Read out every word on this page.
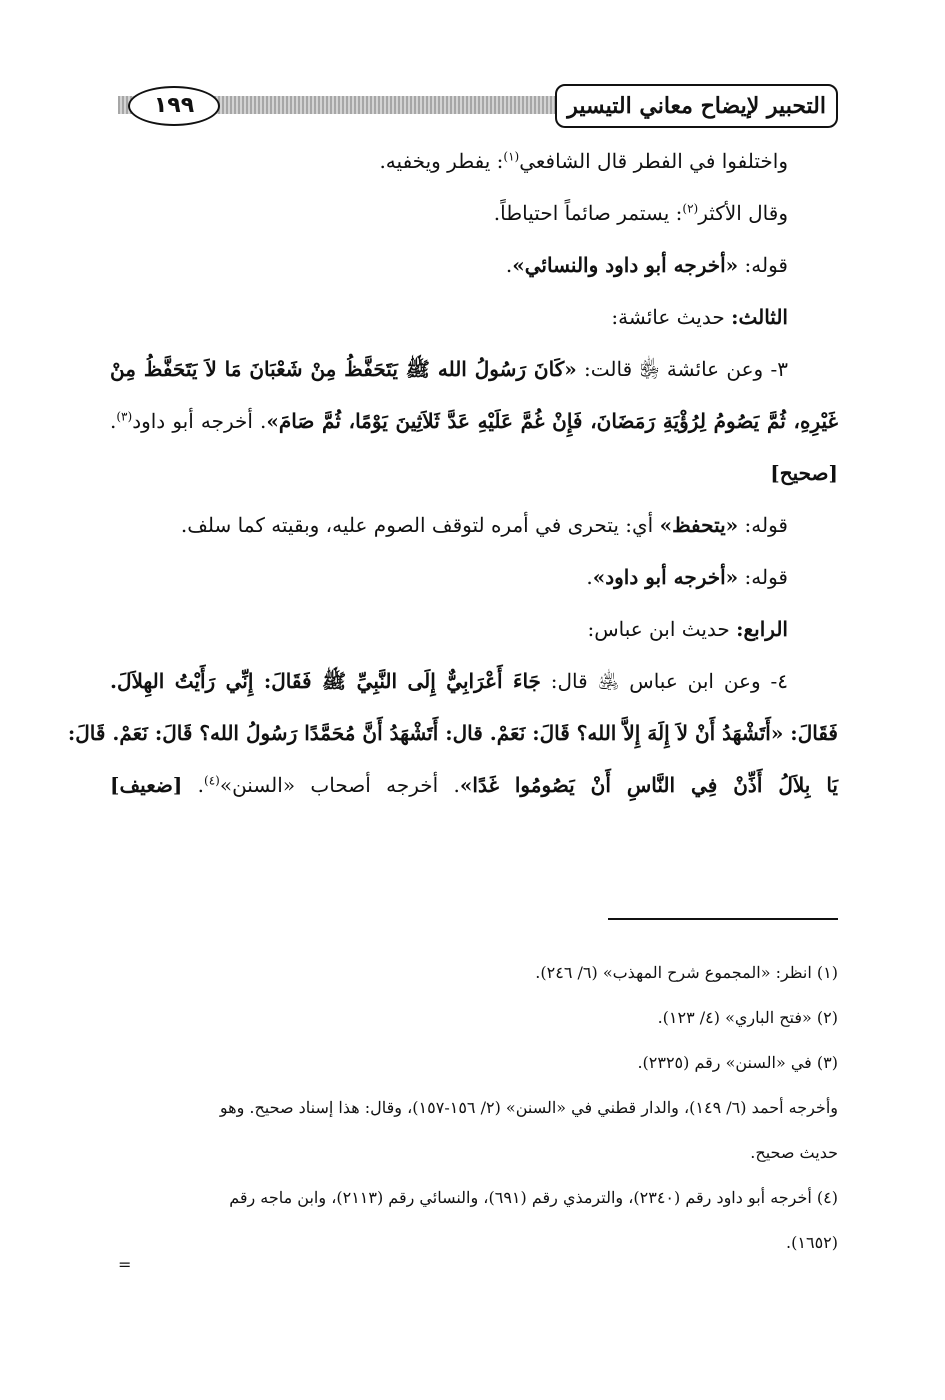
١٩٩	التحبير لإيضاح معاني التيسير
واختلفوا في الفطر قال الشافعي$^{(١)}$: يفطر ويخفيه.
وقال الأكثر$^{(٢)}$: يستمر صائماً احتياطاً.
قوله: «أخرجه أبو داود والنسائي».
الثالث: حديث عائشة:
٣- وعن عائشة ﵂ قالت: «كَانَ رَسُولُ الله ﷺ يَتَحَفَّظُ مِنْ شَعْبَانَ مَا لاَ يَتَحَفَّظُ مِنْ
غَيْرِهِ، ثُمَّ يَصُومُ لِرُؤْيَةِ رَمَضَانَ، فَإِنْ غُمَّ عَلَيْهِ عَدَّ ثَلاَثِينَ يَوْمًا، ثُمَّ صَامَ». أخرجه أبو داود$^{(٣)}$.
[صحيح]
قوله: «يتحفظ» أي: يتحرى في أمره لتوقف الصوم عليه، وبقيته كما سلف.
قوله: «أخرجه أبو داود».
الرابع: حديث ابن عباس:
٤- وعن ابن عباس ﵁ قال: جَاءَ أَعْرَابِيٌّ إِلَى النَّبِيِّ ﷺ فَقَالَ: إِنِّي رَأَيْتُ الهِلاَلَ.
فَقَالَ: «أَتَشْهَدُ أَنْ لاَ إِلَهَ إِلاَّ الله؟ قَالَ: نَعَمْ. قال: أَتَشْهَدُ أَنَّ مُحَمَّدًا رَسُولُ الله؟ قَالَ: نَعَمْ. قَالَ:
يَا بِلاَلُ أَذِّنْ فِي النَّاسِ أَنْ يَصُومُوا غَدًا». أخرجه أصحاب «السنن»$^{(٤)}$. [ضعيف]
(١) انظر: «المجموع شرح المهذب» (٦/ ٢٤٦).
(٢) «فتح الباري» (٤/ ١٢٣).
(٣) في «السنن» رقم (٢٣٢٥).
وأخرجه أحمد (٦/ ١٤٩)، والدار قطني في «السنن» (٢/ ١٥٦-١٥٧)، وقال: هذا إسناد صحيح. وهو
حديث صحيح.
(٤) أخرجه أبو داود رقم (٢٣٤٠)، والترمذي رقم (٦٩١)، والنسائي رقم (٢١١٣)، وابن ماجه رقم
(١٦٥٢).
=
